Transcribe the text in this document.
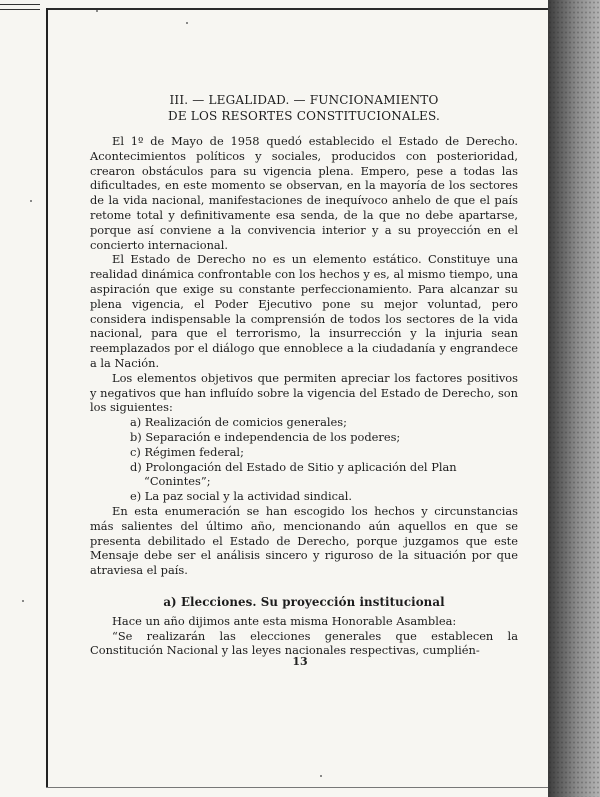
III. — LEGALIDAD. — FUNCIONAMIENTO
DE LOS RESORTES CONSTITUCIONALES.

El 1º de Mayo de 1958 quedó establecido el Estado de Derecho. Acontecimientos políticos y sociales, producidos con posterioridad, crearon obstáculos para su vigencia plena. Empero, pese a todas las dificultades, en este momento se observan, en la mayoría de los sectores de la vida nacional, manifestaciones de inequívoco anhelo de que el país retome total y definitivamente esa senda, de la que no debe apartarse, porque así conviene a la convivencia interior y a su proyección en el concierto internacional.

El Estado de Derecho no es un elemento estático. Constituye una realidad dinámica confrontable con los hechos y es, al mismo tiempo, una aspiración que exige su constante perfeccionamiento. Para alcanzar su plena vigencia, el Poder Ejecutivo pone su mejor voluntad, pero considera indispensable la comprensión de todos los sectores de la vida nacional, para que el terrorismo, la insurrección y la injuria sean reemplazados por el diálogo que ennoblece a la ciudadanía y engrandece a la Nación.

Los elementos objetivos que permiten apreciar los factores positivos y negativos que han influído sobre la vigencia del Estado de Derecho, son los siguientes:

a) Realización de comicios generales;
b) Separación e independencia de los poderes;
c) Régimen federal;
d) Prolongación del Estado de Sitio y aplicación del Plan “Conintes”;
e) La paz social y la actividad sindical.

En esta enumeración se han escogido los hechos y circunstancias más salientes del último año, mencionando aún aquellos en que se presenta debilitado el Estado de Derecho, porque juzgamos que este Mensaje debe ser el análisis sincero y riguroso de la situación por que atraviesa el país.

a) Elecciones. Su proyección institucional

Hace un año dijimos ante esta misma Honorable Asamblea:

“Se realizarán las elecciones generales que establecen la Constitución Nacional y las leyes nacionales respectivas, cumplién-

13
